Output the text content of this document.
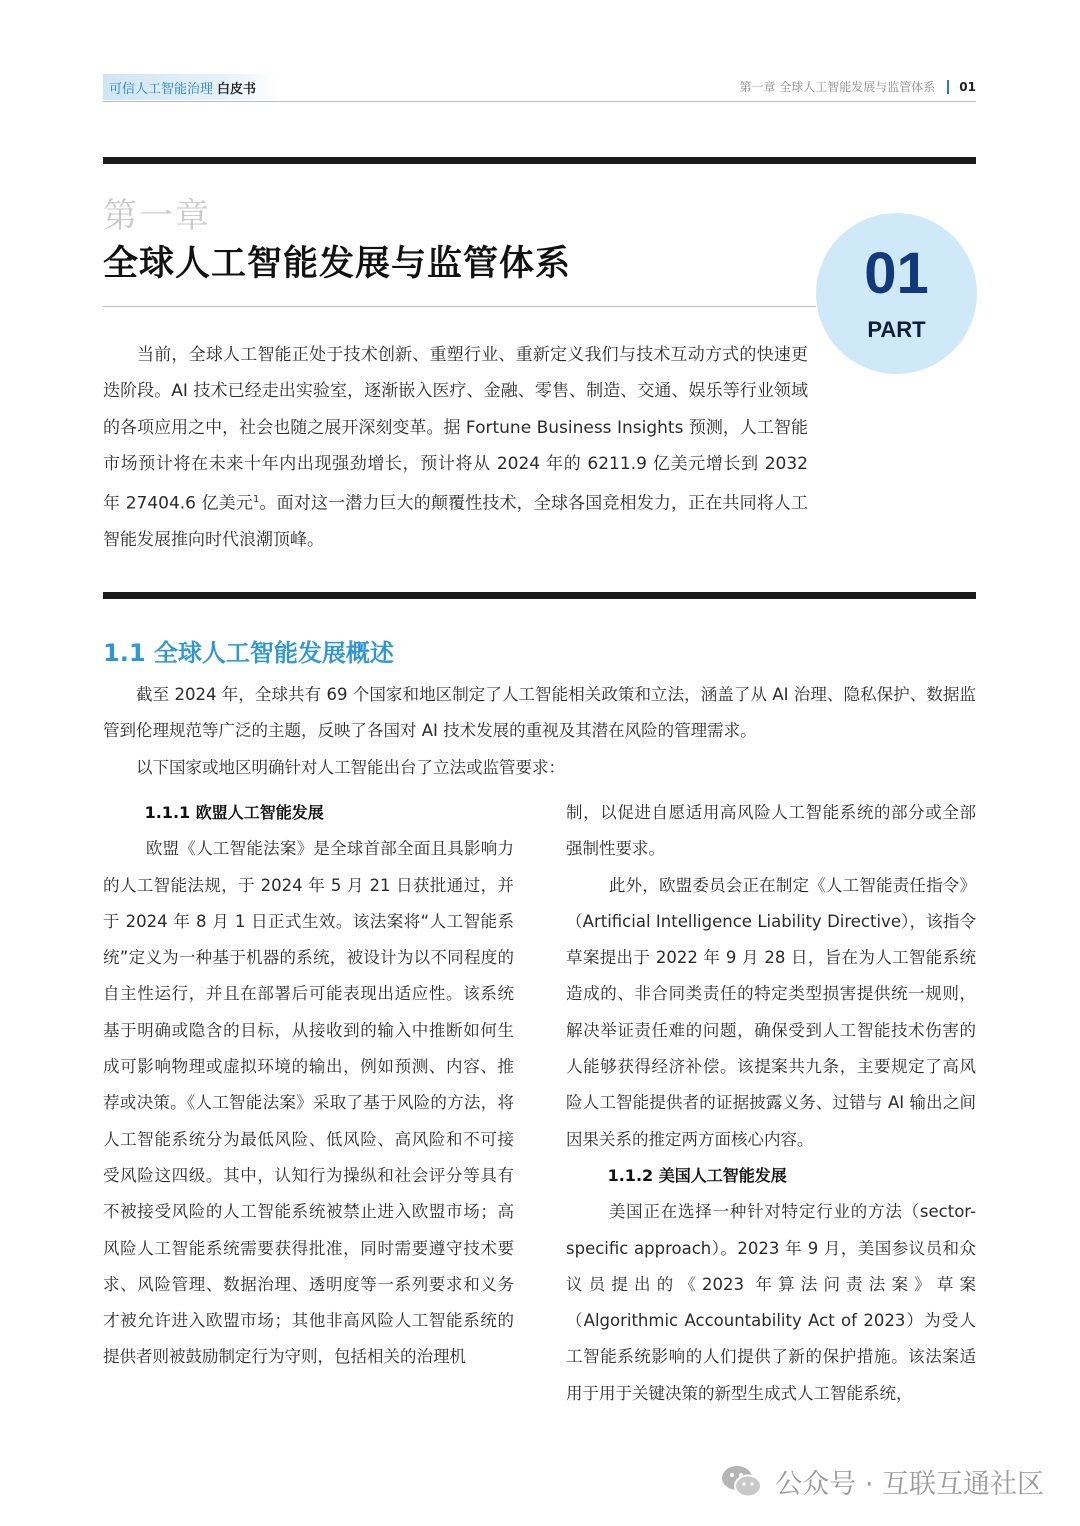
可信人工智能治理 白皮书	第一章 全球人工智能发展与监管体系 01
第一章
全球人工智能发展与监管体系	01
PART

当前，全球人工智能正处于技术创新、重塑行业、重新定义我们与技术互动方式的快速更迭阶段。AI 技术已经走出实验室，逐渐嵌入医疗、金融、零售、制造、交通、娱乐等行业领域的各项应用之中，社会也随之展开深刻变革。据 Fortune Business Insights 预测，人工智能市场预计将在未来十年内出现强劲增长，预计将从 2024 年的 6211.9 亿美元增长到 2032 年 27404.6 亿美元$^1$。面对这一潜力巨大的颠覆性技术，全球各国竞相发力，正在共同将人工智能发展推向时代浪潮顶峰。

1.1 全球人工智能发展概述

截至 2024 年，全球共有 69 个国家和地区制定了人工智能相关政策和立法，涵盖了从 AI 治理、隐私保护、数据监管到伦理规范等广泛的主题，反映了各国对 AI 技术发展的重视及其潜在风险的管理需求。

以下国家或地区明确针对人工智能出台了立法或监管要求：

1.1.1 欧盟人工智能发展

欧盟《人工智能法案》是全球首部全面且具影响力的人工智能法规，于 2024 年 5 月 21 日获批通过，并于 2024 年 8 月 1 日正式生效。该法案将“人工智能系统”定义为一种基于机器的系统，被设计为以不同程度的自主性运行，并且在部署后可能表现出适应性。该系统基于明确或隐含的目标，从接收到的输入中推断如何生成可影响物理或虚拟环境的输出，例如预测、内容、推荐或决策。《人工智能法案》采取了基于风险的方法，将人工智能系统分为最低风险、低风险、高风险和不可接受风险这四级。其中，认知行为操纵和社会评分等具有不被接受风险的人工智能系统被禁止进入欧盟市场；高风险人工智能系统需要获得批准，同时需要遵守技术要求、风险管理、数据治理、透明度等一系列要求和义务才被允许进入欧盟市场；其他非高风险人工智能系统的提供者则被鼓励制定行为守则，包括相关的治理机

制，以促进自愿适用高风险人工智能系统的部分或全部强制性要求。

此外，欧盟委员会正在制定《人工智能责任指令》（Artificial Intelligence Liability Directive），该指令草案提出于 2022 年 9 月 28 日，旨在为人工智能系统造成的、非合同类责任的特定类型损害提供统一规则，解决举证责任难的问题，确保受到人工智能技术伤害的人能够获得经济补偿。该提案共九条，主要规定了高风险人工智能提供者的证据披露义务、过错与 AI 输出之间因果关系的推定两方面核心内容。

1.1.2 美国人工智能发展

美国正在选择一种针对特定行业的方法（sector-specific approach）。2023 年 9 月，美国参议员和众议员提出的《2023 年算法问责法案》草案（Algorithmic Accountability Act of 2023）为受人工智能系统影响的人们提供了新的保护措施。该法案适用于用于关键决策的新型生成式人工智能系统，

公众号 · 互联互通社区
